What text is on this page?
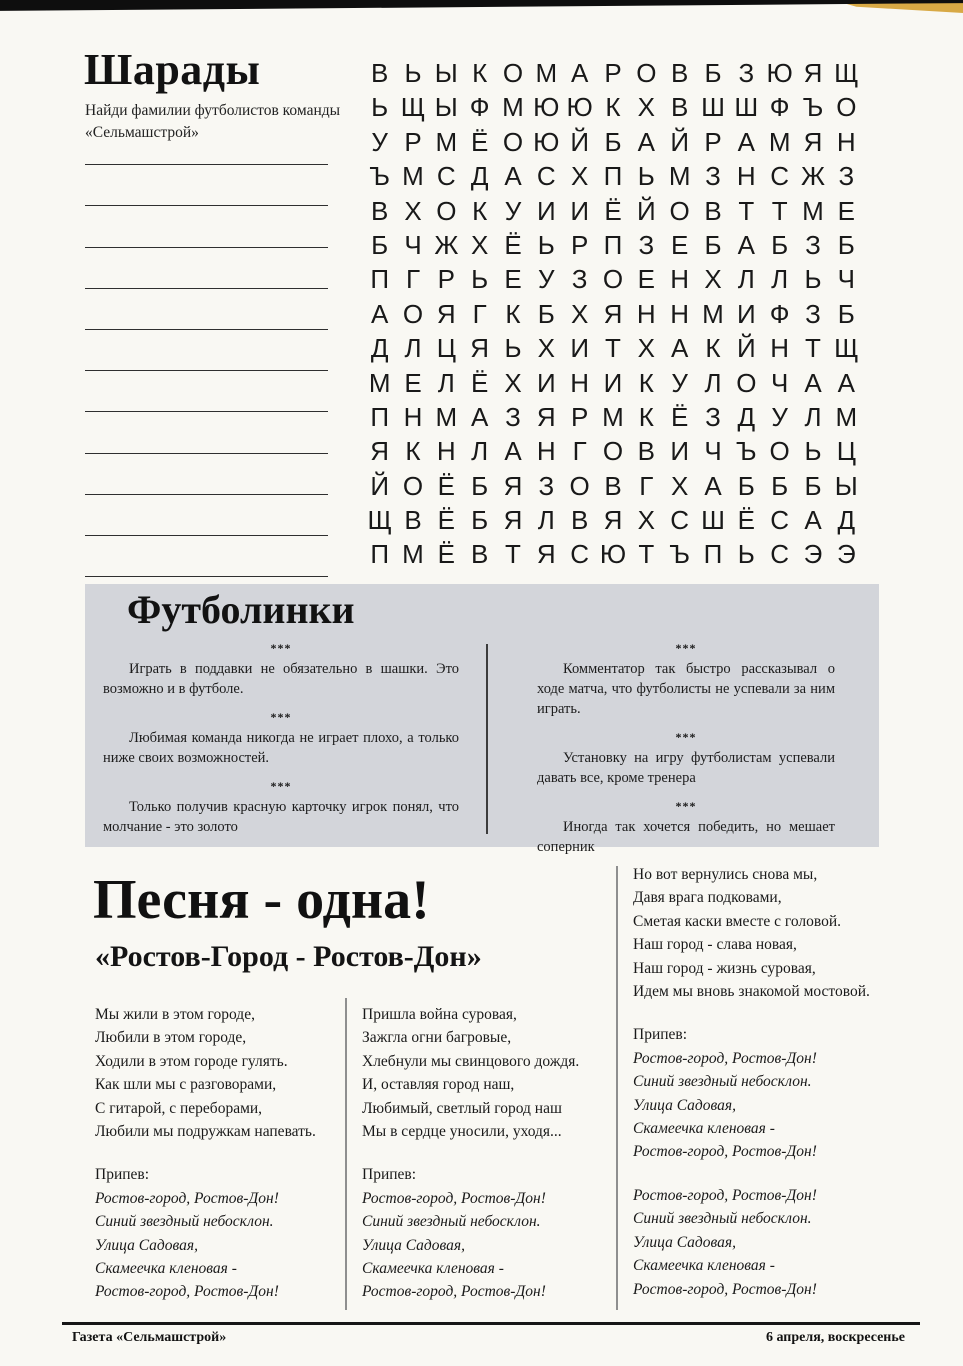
Шарады

Найди фамилии футболистов команды «Сельмашстрой»

В Ь Ы К О М А Р О В Б З Ю Я Щ
Ь Щ Ы Ф М Ю Ю К Х В Ш Ш Ф Ъ О
У Р М Ё О Ю Й Б А Й Р А М Я Н
Ъ М С Д А С Х П Ь М З Н С Ж З
В Х О К У И И Ё Й О В Т Т М Е
Б Ч Ж Х Ё Ь Р П З Е Б А Б З Б
П Г Р Ь Е У З О Е Н Х Л Л Ь Ч
А О Я Г К Б Х Я Н Н М И Ф З Б
Д Л Ц Я Ь Х И Т Х А К Й Н Т Щ
М Е Л Ё Х И Н И К У Л О Ч А А
П Н М А З Я Р М К Ё З Д У Л М
Я К Н Л А Н Г О В И Ч Ъ О Ь Ц
Й О Ё Б Я З О В Г Х А Б Б Б Ы
Щ В Ё Б Я Л В Я Х С Ш Ё С А Д
П М Ё В Т Я С Ю Т Ъ П Ь С Э Э
Футболинки
***

Играть в поддавки не обязательно в шашки. Это возможно и в футболе.

***

Любимая команда никогда не играет плохо, а только ниже своих возможностей.

***

Только получив красную карточку игрок понял, что молчание - это золото

***

Комментатор так быстро рассказывал о ходе матча, что футболисты не успевали за ним играть.

***

Установку на игру футболистам успевали давать все, кроме тренера

***

Иногда так хочется победить, но мешает соперник

Песня - одна!
«Ростов-Город - Ростов-Дон»
Мы жили в этом городе,
Любили в этом городе,
Ходили в этом городе гулять.
Как шли мы с разговорами,
С гитарой, с переборами,
Любили мы подружкам напевать.
Припев:
Ростов-город, Ростов-Дон!
Синий звездный небосклон.
Улица Садовая,
Скамеечка кленовая -
Ростов-город, Ростов-Дон!
Пришла война суровая,
Зажгла огни багровые,
Хлебнули мы свинцового дождя.
И, оставляя город наш,
Любимый, светлый город наш
Мы в сердце уносили, уходя...
Припев:
Ростов-город, Ростов-Дон!
Синий звездный небосклон.
Улица Садовая,
Скамеечка кленовая -
Ростов-город, Ростов-Дон!
Но вот вернулись снова мы,
Давя врага подковами,
Сметая каски вместе с головой.
Наш город - слава новая,
Наш город - жизнь суровая,
Идем мы вновь знакомой мостовой.
Припев:
Ростов-город, Ростов-Дон!
Синий звездный небосклон.
Улица Садовая,
Скамеечка кленовая -
Ростов-город, Ростов-Дон!
Ростов-город, Ростов-Дон!
Синий звездный небосклон.
Улица Садовая,
Скамеечка кленовая -
Ростов-город, Ростов-Дон!
Газета «Сельмашстрой»	6 апреля, воскресенье
